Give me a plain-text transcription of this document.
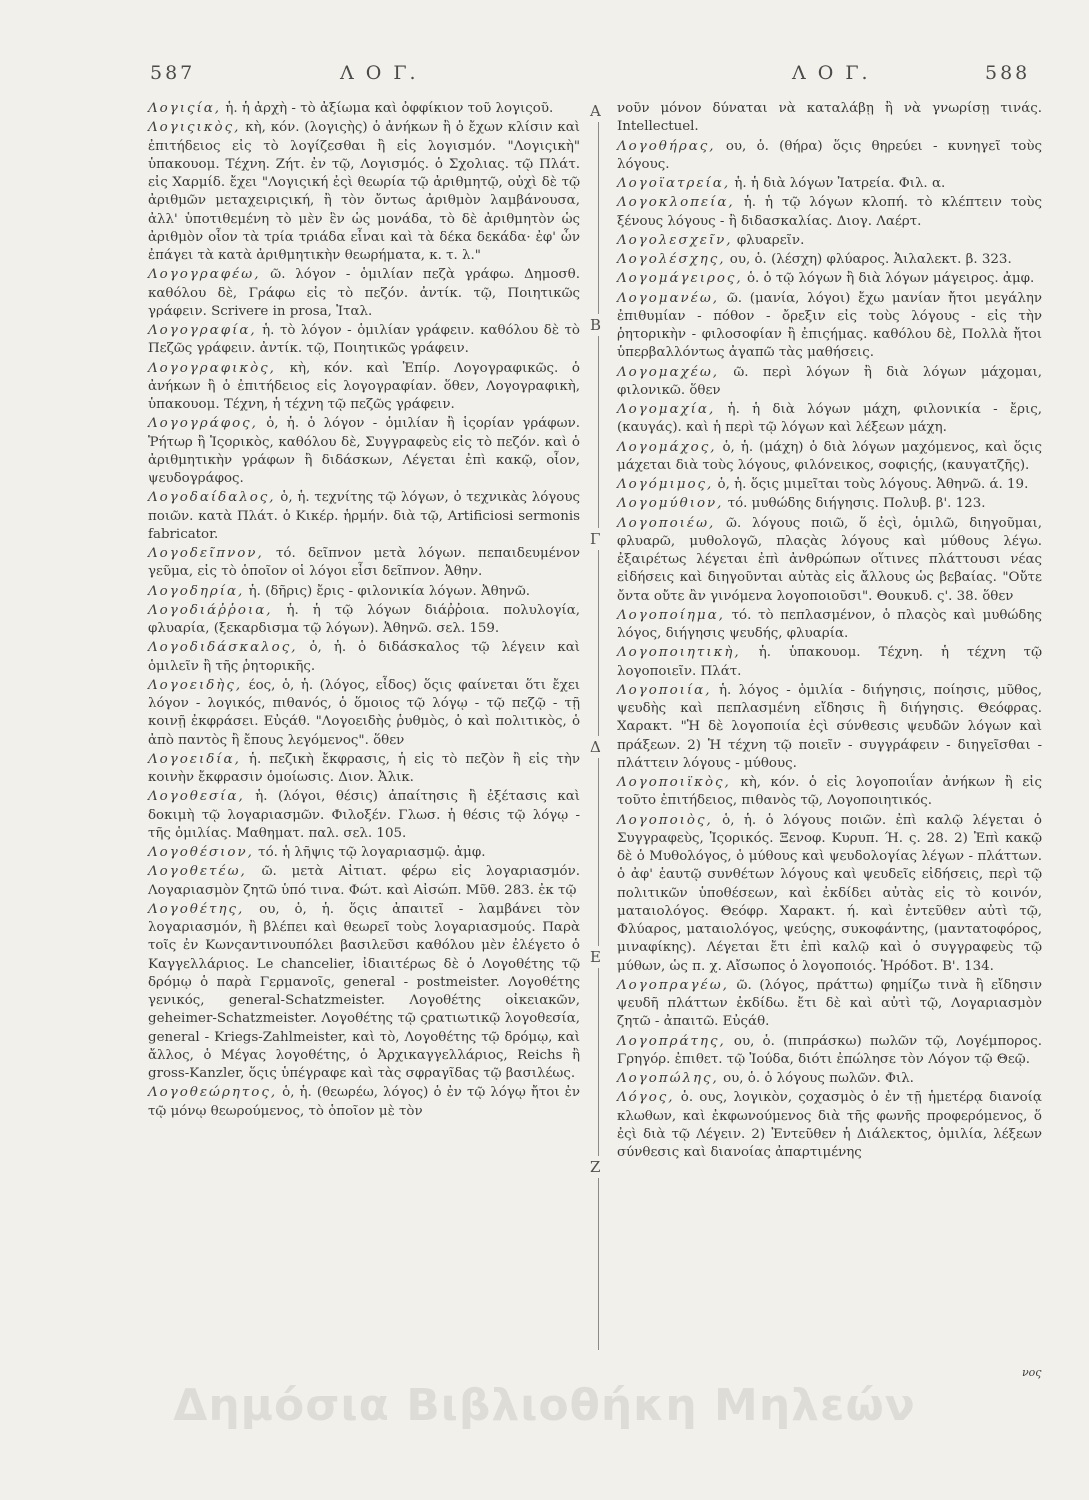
587	Λ Ο Γ.	Λ Ο Γ.	588
Α
Β
Γ
Δ
Ε
Ζ

Λογιςία, ἡ. ἡ ἀρχὴ - τὸ ἀξίωμα καὶ ὀφφίκιον τοῦ λογιςοῦ.

Λογιςικὸς, κὴ, κόν. (λογιςὴς) ὁ ἀνήκων ἢ ὁ ἔχων κλίσιν καὶ ἐπιτήδειος εἰς τὸ λογίζεσθαι ἢ εἰς λογισμόν. "Λογιςικὴ" ὑπακουομ. Τέχνη. Ζήτ. ἐν τῷ, Λογισμός. ὁ Σχολιας. τῷ Πλάτ. εἰς Χαρμίδ. ἔχει "Λογιςική ἐςὶ θεωρία τῷ ἀριθμητῷ, οὐχὶ δὲ τῷ ἀριθμῶν μεταχειριςική, ἢ τὸν ὄντως ἀριθμὸν λαμβάνουσα, ἀλλ' ὑποτιθεμένη τὸ μὲν ἓν ὡς μονάδα, τὸ δὲ ἀριθμητὸν ὡς ἀριθμὸν οἷον τὰ τρία τριάδα εἶναι καὶ τὰ δέκα δεκάδα· ἐφ' ὧν ἐπάγει τὰ κατὰ ἀριθμητικὴν θεωρήματα, κ. τ. λ."

Λογογραφέω, ῶ. λόγον - ὁμιλίαν πεζὰ γράφω. Δημοσθ. καθόλου δὲ, Γράφω εἰς τὸ πεζόν. ἀντίκ. τῷ, Ποιητικῶς γράφειν. Scrivere in prosa, Ἰταλ.

Λογογραφία, ἡ. τὸ λόγον - ὁμιλίαν γράφειν. καθόλου δὲ τὸ Πεζῶς γράφειν. ἀντίκ. τῷ, Ποιητικῶς γράφειν.

Λογογραφικὸς, κὴ, κόν. καὶ Ἐπίρ. Λογογραφικῶς. ὁ ἀνήκων ἢ ὁ ἐπιτήδειος εἰς λογογραφίαν. ὅθεν, Λογογραφικὴ, ὑπακουομ. Τέχνη, ἡ τέχνη τῷ πεζῶς γράφειν.

Λογογράφος, ὁ, ἡ. ὁ λόγον - ὁμιλίαν ἢ ἱςορίαν γράφων. Ῥήτωρ ἢ Ἱςορικὸς, καθόλου δὲ, Συγγραφεὺς εἰς τὸ πεζόν. καὶ ὁ ἀριθμητικὴν γράφων ἢ διδάσκων, Λέγεται ἐπὶ κακῷ, οἷον, ψευδογράφος.

Λογοδαίδαλος, ὁ, ἡ. τεχνίτης τῷ λόγων, ὁ τεχνικὰς λόγους ποιῶν. κατὰ Πλάτ. ὁ Κικέρ. ἡρμήν. διὰ τῷ, Artificiosi sermonis fabricator.

Λογοδεῖπνον, τό. δεῖπνον μετὰ λόγων. πεπαιδευμένον γεῦμα, εἰς τὸ ὁποῖον οἱ λόγοι εἶσι δεῖπνον. Ἀθην.

Λογοδηρία, ἡ. (δῆρις) ἔρις - φιλονικία λόγων. Ἀθηνῶ.

Λογοδιάῤῥοια, ἡ. ἡ τῷ λόγων διάῤῥοια. πολυλογία, φλυαρία, (ξεκαρδισμα τῷ λόγων). Ἀθηνῶ. σελ. 159.

Λογοδιδάσκαλος, ὁ, ἡ. ὁ διδάσκαλος τῷ λέγειν καὶ ὁμιλεῖν ἢ τῆς ῥητορικῆς.

Λογοειδὴς, έος, ὁ, ἡ. (λόγος, εἶδος) ὅςις φαίνεται ὅτι ἔχει λόγον - λογικός, πιθανός, ὁ ὅμοιος τῷ λόγῳ - τῷ πεζῷ - τῇ κοινῇ ἐκφράσει. Εὐςάθ. "Λογοειδὴς ῥυθμὸς, ὁ καὶ πολιτικὸς, ὁ ἀπὸ παντὸς ἢ ἔπους λεγόμενος". ὅθεν

Λογοειδία, ἡ. πεζικὴ ἔκφρασις, ἡ εἰς τὸ πεζὸν ἢ εἰς τὴν κοινὴν ἔκφρασιν ὁμοίωσις. Διον. Ἀλικ.

Λογοθεσία, ἡ. (λόγοι, θέσις) ἀπαίτησις ἢ ἐξέτασις καὶ δοκιμὴ τῷ λογαριασμῶν. Φιλοξέν. Γλωσ. ἡ θέσις τῷ λόγῳ - τῆς ὁμιλίας. Μαθηματ. παλ. σελ. 105.

Λογοθέσιον, τό. ἡ λῆψις τῷ λογαριασμῷ. ἀμφ.

Λογοθετέω, ῶ. μετὰ Αἰτιατ. φέρω εἰς λογαριασμόν. Λογαριασμὸν ζητῶ ὑπό τινα. Φώτ. καὶ Αἰσώπ. Μῦθ. 283. ἐκ τῷ

Λογοθέτης, ου, ὁ, ἡ. ὅςις ἀπαιτεῖ - λαμβάνει τὸν λογαριασμόν, ἢ βλέπει καὶ θεωρεῖ τοὺς λογαριασμούς. Παρὰ τοῖς ἐν Κωνςαντινουπόλει βασιλεῦσι καθόλου μὲν ἐλέγετο ὁ Καγγελλάριος. Le chancelier, ἰδιαιτέρως δὲ ὁ Λογοθέτης τῷ δρόμῳ ὁ παρὰ Γερμανοῖς, general - postmeister. Λογοθέτης γενικός, general-Schatzmeister. Λογοθέτης οἰκειακῶν, geheimer-Schatzmeister. Λογοθέτης τῷ ςρατιωτικῷ λογοθεσία, general - Kriegs-Zahlmeister, καὶ τὸ, Λογοθέτης τῷ δρόμῳ, καὶ ἄλλος, ὁ Μέγας λογοθέτης, ὁ Ἀρχικαγγελλάριος, Reichs ἢ gross-Kanzler, ὅςις ὑπέγραφε καὶ τὰς σφραγῖδας τῷ βασιλέως.

Λογοθεώρητος, ὁ, ἡ. (θεωρέω, λόγος) ὁ ἐν τῷ λόγῳ ἤτοι ἐν τῷ μόνῳ θεωρούμενος, τὸ ὁποῖον μὲ τὸν

νοῦν μόνον δύναται νὰ καταλάβῃ ἢ νὰ γνωρίσῃ τινάς. Intellectuel.

Λογοθήρας, ου, ὁ. (θήρα) ὅςις θηρεύει - κυνηγεῖ τοὺς λόγους.

Λογοϊατρεία, ἡ. ἡ διὰ λόγων Ἰατρεία. Φιλ. α.

Λογοκλοπεία, ἡ. ἡ τῷ λόγων κλοπή. τὸ κλέπτειν τοὺς ξένους λόγους - ἢ διδασκαλίας. Διογ. Λαέρτ.

Λογολεσχεῖν, φλυαρεῖν.

Λογολέσχης, ου, ὁ. (λέσχη) φλύαρος. Ἀιλαλεκτ. β. 323.

Λογομάγειρος, ὁ. ὁ τῷ λόγων ἢ διὰ λόγων μάγειρος. ἀμφ.

Λογομανέω, ῶ. (μανία, λόγοι) ἔχω μανίαν ἤτοι μεγάλην ἐπιθυμίαν - πόθον - ὄρεξιν εἰς τοὺς λόγους - εἰς τὴν ῥητορικὴν - φιλοσοφίαν ἢ ἐπιςήμας. καθόλου δὲ, Πολλὰ ἤτοι ὑπερβαλλόντως ἀγαπῶ τὰς μαθήσεις.

Λογομαχέω, ῶ. περὶ λόγων ἢ διὰ λόγων μάχομαι, φιλονικῶ. ὅθεν

Λογομαχία, ἡ. ἡ διὰ λόγων μάχη, φιλονικία - ἔρις, (καυγάς). καὶ ἡ περὶ τῷ λόγων καὶ λέξεων μάχη.

Λογομάχος, ὁ, ἡ. (μάχη) ὁ διὰ λόγων μαχόμενος, καὶ ὅςις μάχεται διὰ τοὺς λόγους, φιλόνεικος, σοφιςής, (καυγατζῆς).

Λογόμιμος, ὁ, ἡ. ὅςις μιμεῖται τοὺς λόγους. Ἀθηνῶ. ά. 19.

Λογομύθιον, τό. μυθώδης διήγησις. Πολυβ. β'. 123.

Λογοποιέω, ῶ. λόγους ποιῶ, ὅ ἐςὶ, ὁμιλῶ, διηγοῦμαι, φλυαρῶ, μυθολογῶ, πλαςὰς λόγους καὶ μύθους λέγω. ἐξαιρέτως λέγεται ἐπὶ ἀνθρώπων οἵτινες πλάττουσι νέας εἰδήσεις καὶ διηγοῦνται αὐτὰς εἰς ἄλλους ὡς βεβαίας. "Οὔτε ὄντα οὔτε ἂν γινόμενα λογοποιοῦσι". Θουκυδ. ς'. 38. ὅθεν

Λογοποίημα, τό. τὸ πεπλασμένον, ὁ πλαςὸς καὶ μυθώδης λόγος, διήγησις ψευδής, φλυαρία.

Λογοποιητικὴ, ἡ. ὑπακουομ. Τέχνη. ἡ τέχνη τῷ λογοποιεῖν. Πλάτ.

Λογοποιία, ἡ. λόγος - ὁμιλία - διήγησις, ποίησις, μῦθος, ψευδὴς καὶ πεπλασμένη εἴδησις ἢ διήγησις. Θεόφρας. Χαρακτ. "Ἡ δὲ λογοποιία ἐςὶ σύνθεσις ψευδῶν λόγων καὶ πράξεων. 2) Ἡ τέχνη τῷ ποιεῖν - συγγράφειν - διηγεῖσθαι - πλάττειν λόγους - μύθους.

Λογοποιϊκὸς, κὴ, κόν. ὁ εἰς λογοποιΐαν ἀνήκων ἢ εἰς τοῦτο ἐπιτήδειος, πιθανὸς τῷ, Λογοποιητικός.

Λογοποιὸς, ὁ, ἡ. ὁ λόγους ποιῶν. ἐπὶ καλῷ λέγεται ὁ Συγγραφεὺς, Ἱςορικός. Ξενοφ. Κυρυπ. Ή. ς. 28. 2) Ἐπὶ κακῷ δὲ ὁ Μυθολόγος, ὁ μύθους καὶ ψευδολογίας λέγων - πλάττων. ὁ ἀφ' ἑαυτῷ συνθέτων λόγους καὶ ψευδεῖς εἰδήσεις, περὶ τῷ πολιτικῶν ὑποθέσεων, καὶ ἐκδίδει αὐτὰς εἰς τὸ κοινόν, ματαιολόγος. Θεόφρ. Χαρακτ. ή. καὶ ἐντεῦθεν αὐτὶ τῷ, Φλύαρος, ματαιολόγος, ψεύςης, συκοφάντης, (μαντατοφόρος, μιναφίκης). Λέγεται ἔτι ἐπὶ καλῷ καὶ ὁ συγγραφεὺς τῷ μύθων, ὡς π. χ. Αἴσωπος ὁ λογοποιός. Ἡρόδοτ. Β'. 134.

Λογοπραγέω, ῶ. (λόγος, πράττω) φημίζω τινὰ ἢ εἴδησιν ψευδῆ πλάττων ἐκδίδω. ἔτι δὲ καὶ αὐτὶ τῷ, Λογαριασμὸν ζητῶ - ἀπαιτῶ. Εὐςάθ.

Λογοπράτης, ου, ὁ. (πιπράσκω) πωλῶν τῷ, Λογέμπορος. Γρηγόρ. ἐπιθετ. τῷ Ἰούδα, διότι ἐπώλησε τὸν Λόγον τῷ Θεῷ.

Λογοπώλης, ου, ὁ. ὁ λόγους πωλῶν. Φιλ.

Λόγος, ὁ. ους, λογικὸν, ςοχασμὸς ὁ ἐν τῇ ἡμετέρᾳ διανοίᾳ κλωθων, καὶ ἐκφωνούμενος διὰ τῆς φωνῆς προφερόμενος, ὅ ἐςὶ διὰ τῷ Λέγειν. 2) Ἐντεῦθεν ἡ Διάλεκτος, ὁμιλία, λέξεων σύνθεσις καὶ διανοίας ἀπαρτιμένης

νος
Δημόσια Βιβλιοθήκη Μηλεών
